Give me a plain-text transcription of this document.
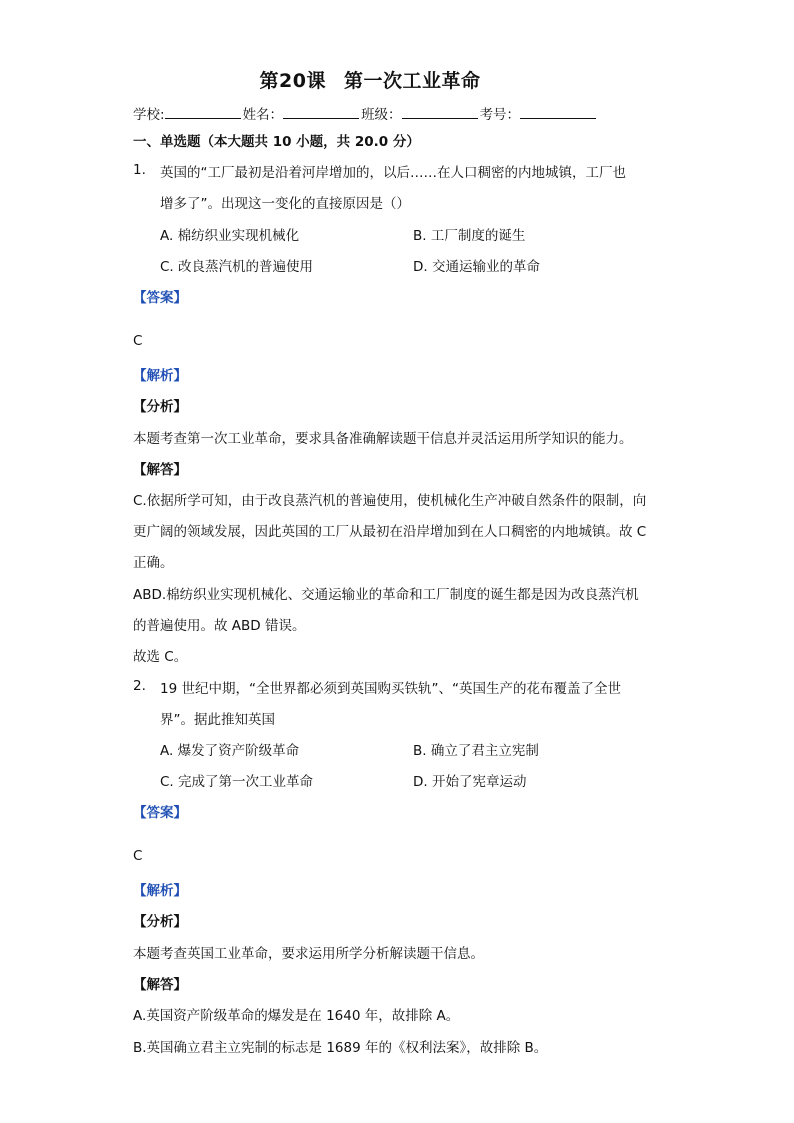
第20课 第一次工业革命
学校:	姓名：	班级：	考号：
一、单选题（本大题共 10 小题，共 20.0 分）
1. 英国的“工厂最初是沿着河岸增加的，以后……在人口稠密的内地城镇，工厂也
增多了”。出现这一变化的直接原因是（）
A. 棉纺织业实现机械化	B. 工厂制度的诞生
C. 改良蒸汽机的普遍使用	D. 交通运输业的革命
【答案】
C
【解析】
【分析】
本题考查第一次工业革命，要求具备准确解读题干信息并灵活运用所学知识的能力。
【解答】
C.依据所学可知，由于改良蒸汽机的普遍使用，使机械化生产冲破自然条件的限制，向
更广阔的领域发展，因此英国的工厂从最初在沿岸增加到在人口稠密的内地城镇。故 C
正确。
ABD.棉纺织业实现机械化、交通运输业的革命和工厂制度的诞生都是因为改良蒸汽机
的普遍使用。故 ABD 错误。
故选 C。
2. 19 世纪中期，“全世界都必须到英国购买铁轨”、“英国生产的花布覆盖了全世
界”。据此推知英国
A. 爆发了资产阶级革命	B. 确立了君主立宪制
C. 完成了第一次工业革命	D. 开始了宪章运动
【答案】
C
【解析】
【分析】
本题考查英国工业革命，要求运用所学分析解读题干信息。
【解答】
A.英国资产阶级革命的爆发是在 1640 年，故排除 A。
B.英国确立君主立宪制的标志是 1689 年的《权利法案》，故排除 B。
